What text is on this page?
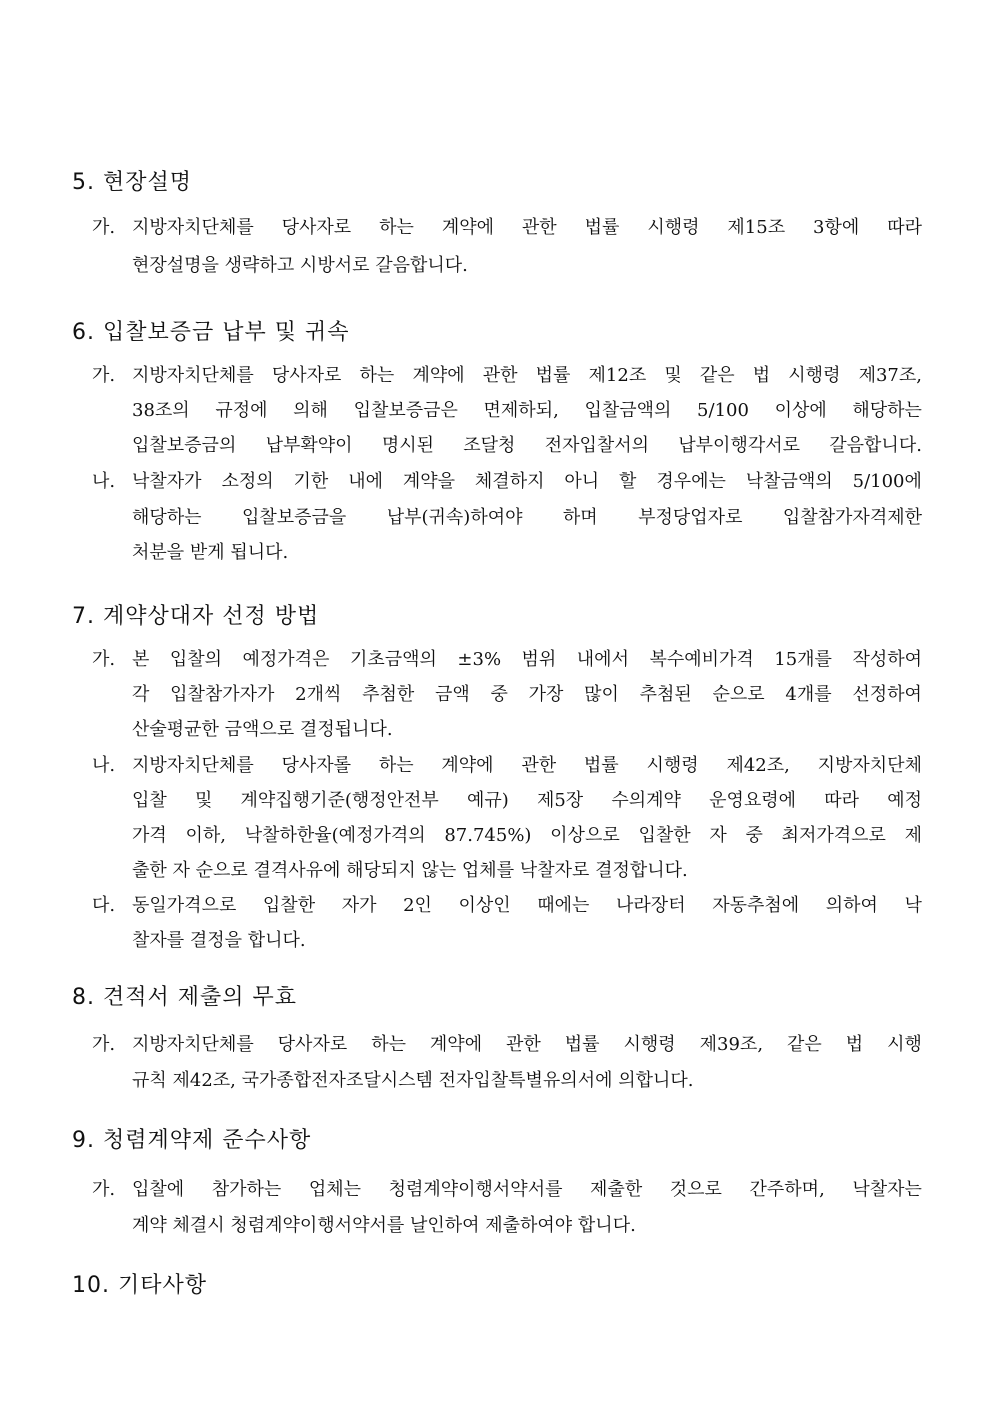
5. 현장설명
가. 지방자치단체를 당사자로 하는 계약에 관한 법률 시행령 제15조 3항에 따라
현장설명을 생략하고 시방서로 갈음합니다.
6. 입찰보증금 납부 및 귀속
가. 지방자치단체를 당사자로 하는 계약에 관한 법률 제12조 및 같은 법 시행령 제37조,
38조의 규정에 의해 입찰보증금은 면제하되, 입찰금액의 5/100 이상에 해당하는
입찰보증금의 납부확약이 명시된 조달청 전자입찰서의 납부이행각서로 갈음합니다.
나. 낙찰자가 소정의 기한 내에 계약을 체결하지 아니 할 경우에는 낙찰금액의 5/100에
해당하는 입찰보증금을 납부(귀속)하여야 하며 부정당업자로 입찰참가자격제한
처분을 받게 됩니다.
7. 계약상대자 선정 방법
가. 본 입찰의 예정가격은 기초금액의 ±3% 범위 내에서 복수예비가격 15개를 작성하여
각 입찰참가자가 2개씩 추첨한 금액 중 가장 많이 추첨된 순으로 4개를 선정하여
산술평균한 금액으로 결정됩니다.
나. 지방자치단체를 당사자롤 하는 계약에 관한 법률 시행령 제42조, 지방자치단체
입찰 및 계약집행기준(행정안전부 예규) 제5장 수의계약 운영요령에 따라 예정
가격 이하, 낙찰하한율(예정가격의 87.745%) 이상으로 입찰한 자 중 최저가격으로 제
출한 자 순으로 결격사유에 해당되지 않는 업체를 낙찰자로 결정합니다.
다. 동일가격으로 입찰한 자가 2인 이상인 때에는 나라장터 자동추첨에 의하여 낙
찰자를 결정을 합니다.
8. 견적서 제출의 무효
가. 지방자치단체를 당사자로 하는 계약에 관한 법률 시행령 제39조, 같은 법 시행
규칙 제42조, 국가종합전자조달시스템 전자입찰특별유의서에 의합니다.
9. 청렴계약제 준수사항
가. 입찰에 참가하는 업체는 청렴계약이행서약서를 제출한 것으로 간주하며, 낙찰자는
계약 체결시 청렴계약이행서약서를 날인하여 제출하여야 합니다.
10. 기타사항
